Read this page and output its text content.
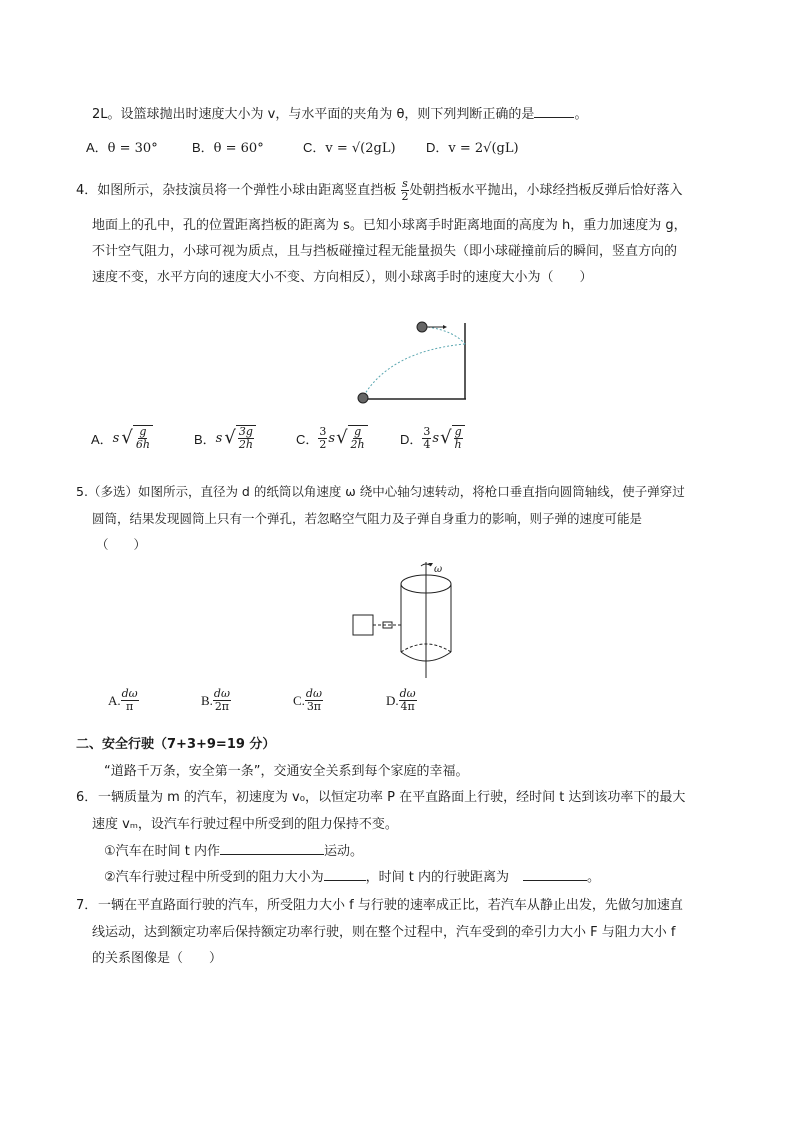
2L。设篮球抛出时速度大小为 v，与水平面的夹角为 θ，则下列判断正确的是	。
A．θ = 30°	B．θ = 60°	C．v = √(2gL) D．v = 2√(gL)
4．如图所示，杂技演员将一个弹性小球由距离竖直挡板 $\frac{s}{2}$ 处朝挡板水平抛出，小球经挡板反弹后恰好落入
地面上的孔中，孔的位置距离挡板的距离为 s。已知小球离手时距离地面的高度为 h，重力加速度为 g，
不计空气阻力，小球可视为质点，且与挡板碰撞过程无能量损失（即小球碰撞前后的瞬间，竖直方向的
速度不变，水平方向的速度大小不变、方向相反），则小球离手时的速度大小为（　　）
A． s √ $\frac{g}{6h}$	B． s √ $\frac{3g}{2h}$	C． $\frac{3}{2}$ s √ $\frac{g}{2h}$	D． $\frac{3}{4}$ s √ $\frac{g}{h}$
5.（多选）如图所示，直径为 d 的纸筒以角速度 ω 绕中心轴匀速转动，将枪口垂直指向圆筒轴线，使子弹穿过
圆筒，结果发现圆筒上只有一个弹孔，若忽略空气阻力及子弹自身重力的影响，则子弹的速度可能是
（　　）
ω
A. $\frac{d\omega}{\pi}$	B. $\frac{d\omega}{2\pi}$	C. $\frac{d\omega}{3\pi}$	D. $\frac{d\omega}{4\pi}$
二、安全行驶（7+3+9=19 分）
“道路千万条，安全第一条”，交通安全关系到每个家庭的幸福。
6．一辆质量为 m 的汽车，初速度为 v₀，以恒定功率 P 在平直路面上行驶，经时间 t 达到该功率下的最大
速度 vₘ，设汽车行驶过程中所受到的阻力保持不变。
①汽车在时间 t 内作	运动。
②汽车行驶过程中所受到的阻力大小为	，时间 t 内的行驶距离为	。
7．一辆在平直路面行驶的汽车，所受阻力大小 f 与行驶的速率成正比，若汽车从静止出发，先做匀加速直
线运动，达到额定功率后保持额定功率行驶，则在整个过程中，汽车受到的牵引力大小 F 与阻力大小 f
的关系图像是（　　）
